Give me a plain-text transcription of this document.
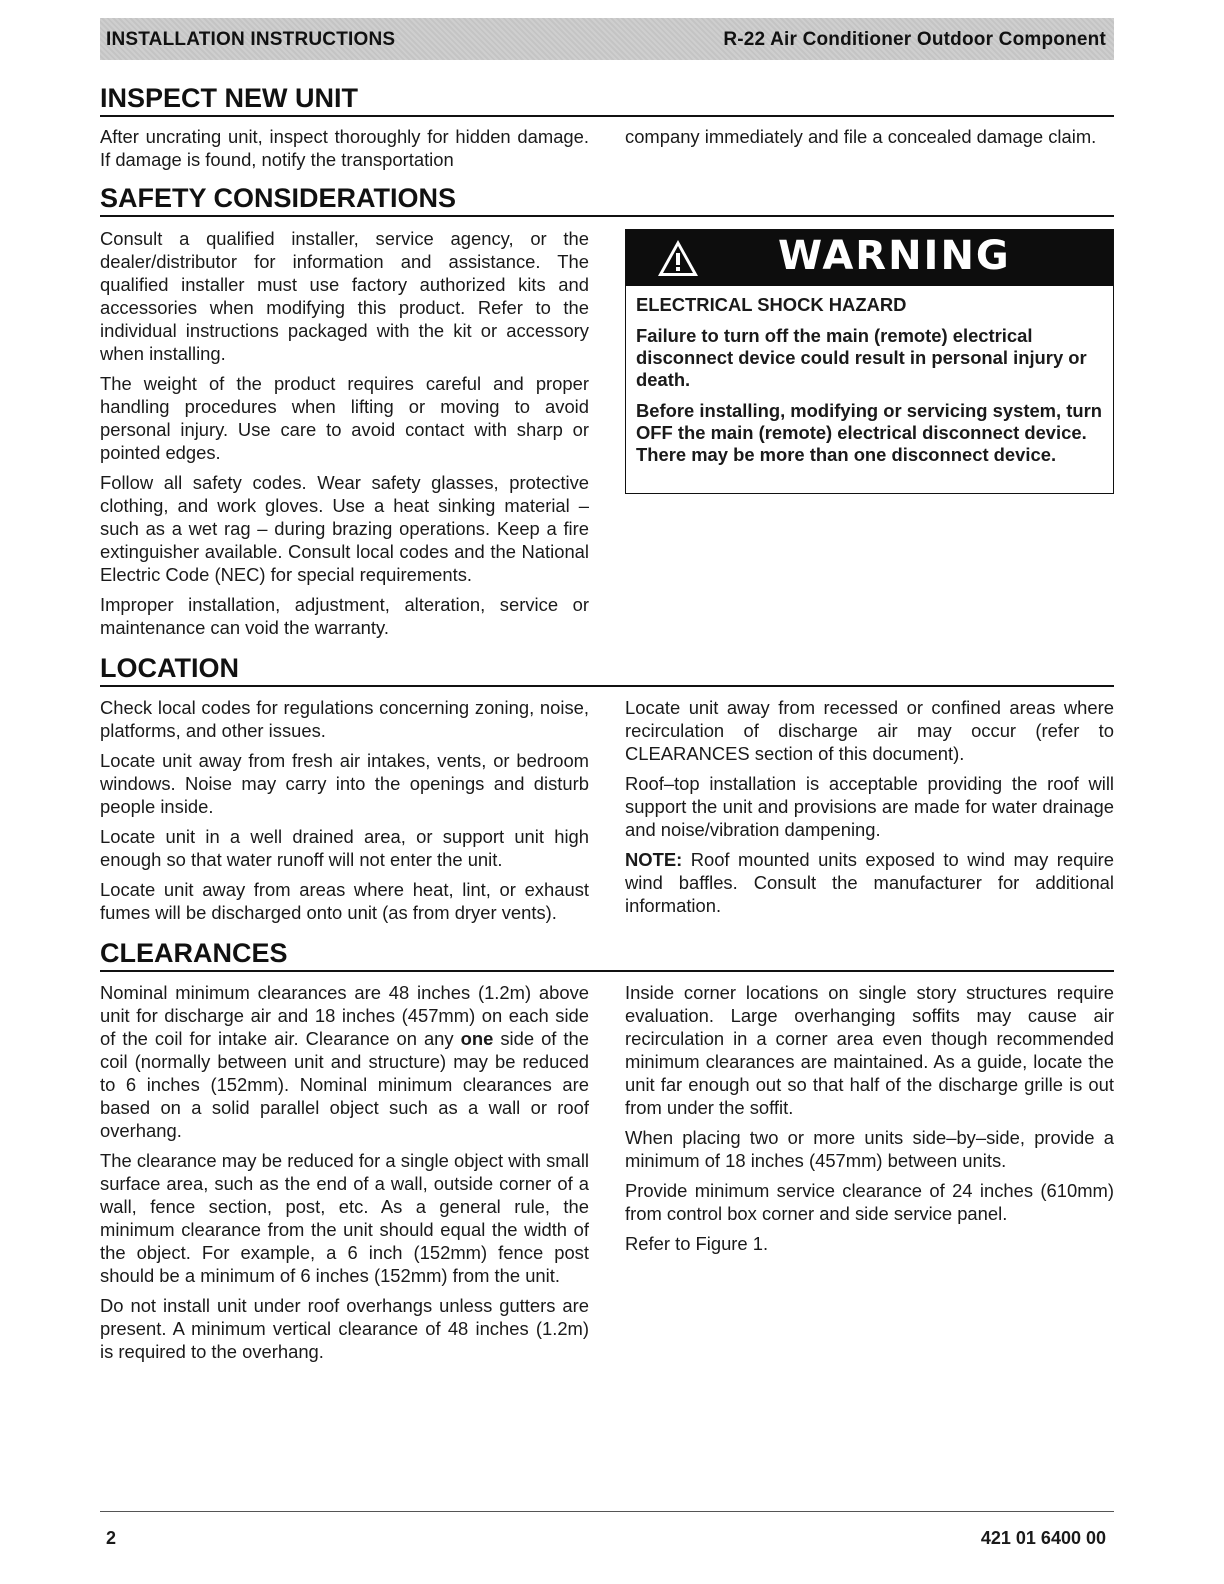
INSTALLATION INSTRUCTIONS	R-22 Air Conditioner Outdoor Component
INSPECT NEW UNIT

After uncrating unit, inspect thoroughly for hidden damage. If damage is found, notify the transportation

company immediately and file a concealed damage claim.

SAFETY CONSIDERATIONS

Consult a qualified installer, service agency, or the dealer/distributor for information and assistance. The qualified installer must use factory authorized kits and accessories when modifying this product. Refer to the individual instructions packaged with the kit or accessory when installing.

The weight of the product requires careful and proper handling procedures when lifting or moving to avoid personal injury. Use care to avoid contact with sharp or pointed edges.

Follow all safety codes. Wear safety glasses, protective clothing, and work gloves. Use a heat sinking material – such as a wet rag – during brazing operations. Keep a fire extinguisher available. Consult local codes and the National Electric Code (NEC) for special requirements.

Improper installation, adjustment, alteration, service or maintenance can void the warranty.

WARNING

ELECTRICAL SHOCK HAZARD

Failure to turn off the main (remote) electrical disconnect device could result in personal injury or death.

Before installing, modifying or servicing system, turn OFF the main (remote) electrical disconnect device. There may be more than one disconnect device.

LOCATION

Check local codes for regulations concerning zoning, noise, platforms, and other issues.

Locate unit away from fresh air intakes, vents, or bedroom windows. Noise may carry into the openings and disturb people inside.

Locate unit in a well drained area, or support unit high enough so that water runoff will not enter the unit.

Locate unit away from areas where heat, lint, or exhaust fumes will be discharged onto unit (as from dryer vents).

Locate unit away from recessed or confined areas where recirculation of discharge air may occur (refer to CLEARANCES section of this document).

Roof–top installation is acceptable providing the roof will support the unit and provisions are made for water drainage and noise/vibration dampening.

NOTE: Roof mounted units exposed to wind may require wind baffles. Consult the manufacturer for additional information.

CLEARANCES

Nominal minimum clearances are 48 inches (1.2m) above unit for discharge air and 18 inches (457mm) on each side of the coil for intake air. Clearance on any one side of the coil (normally between unit and structure) may be reduced to 6 inches (152mm). Nominal minimum clearances are based on a solid parallel object such as a wall or roof overhang.

The clearance may be reduced for a single object with small surface area, such as the end of a wall, outside corner of a wall, fence section, post, etc. As a general rule, the minimum clearance from the unit should equal the width of the object. For example, a 6 inch (152mm) fence post should be a minimum of 6 inches (152mm) from the unit.

Do not install unit under roof overhangs unless gutters are present. A minimum vertical clearance of 48 inches (1.2m) is required to the overhang.

Inside corner locations on single story structures require evaluation. Large overhanging soffits may cause air recirculation in a corner area even though recommended minimum clearances are maintained. As a guide, locate the unit far enough out so that half of the discharge grille is out from under the soffit.

When placing two or more units side–by–side, provide a minimum of 18 inches (457mm) between units.

Provide minimum service clearance of 24 inches (610mm) from control box corner and side service panel.

Refer to Figure 1.

2	421 01 6400 00
